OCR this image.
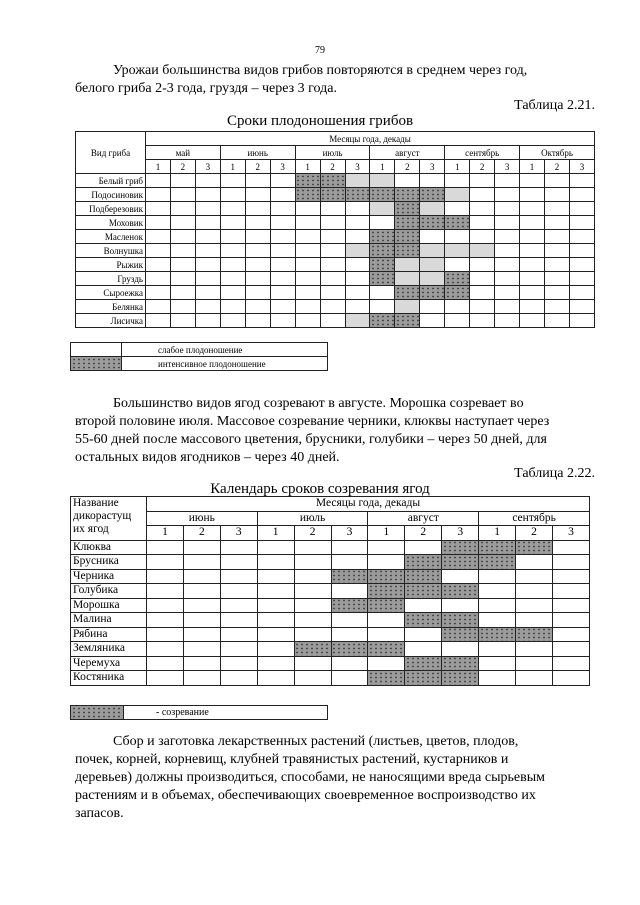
79

Урожаи большинства видов грибов повторяются в среднем через год,
белого гриба 2-3 года, груздя – через 3 года.

Таблица 2.21.
Сроки плодоношения грибов
Вид гриба	Месяцы года, декады																	
	май			июнь			июль			август			сентябрь			Октябрь		
	1	2	3	1	2	3	1	2	3	1	2	3	1	2	3	1	2	3
Белый гриб																		
Подосиновик																		
Подберезовик																		
Моховик																		
Масленок																		
Волнушка																		
Рыжик																		
Груздь																		
Сыроежка																		
Белянка																		
Лисичка																		
	слабое плодоношение
	интенсивное плодоношение

Большинство видов ягод созревают в августе. Морошка созревает во
второй половине июля. Массовое созревание черники, клюквы наступает через
55-60 дней после массового цветения, брусники, голубики – через 50 дней, для
остальных видов ягодников – через 40 дней.

Таблица 2.22.
Календарь сроков созревания ягод
Название
дикорастущ
их ягод	Месяцы года, декады											
	июнь			июль			август			сентябрь		
	1	2	3	1	2	3	1	2	3	1	2	3
Клюква												
Брусника												
Черника												
Голубика												
Морошка												
Малина												
Рябина												
Земляника												
Черемуха												
Костяника												
	- созревание

Сбор и заготовка лекарственных растений (листьев, цветов, плодов,
почек, корней, корневищ, клубней травянистых растений, кустарников и
деревьев) должны производиться, способами, не наносящими вреда сырьевым
растениям и в объемах, обеспечивающих своевременное воспроизводство их
запасов.
